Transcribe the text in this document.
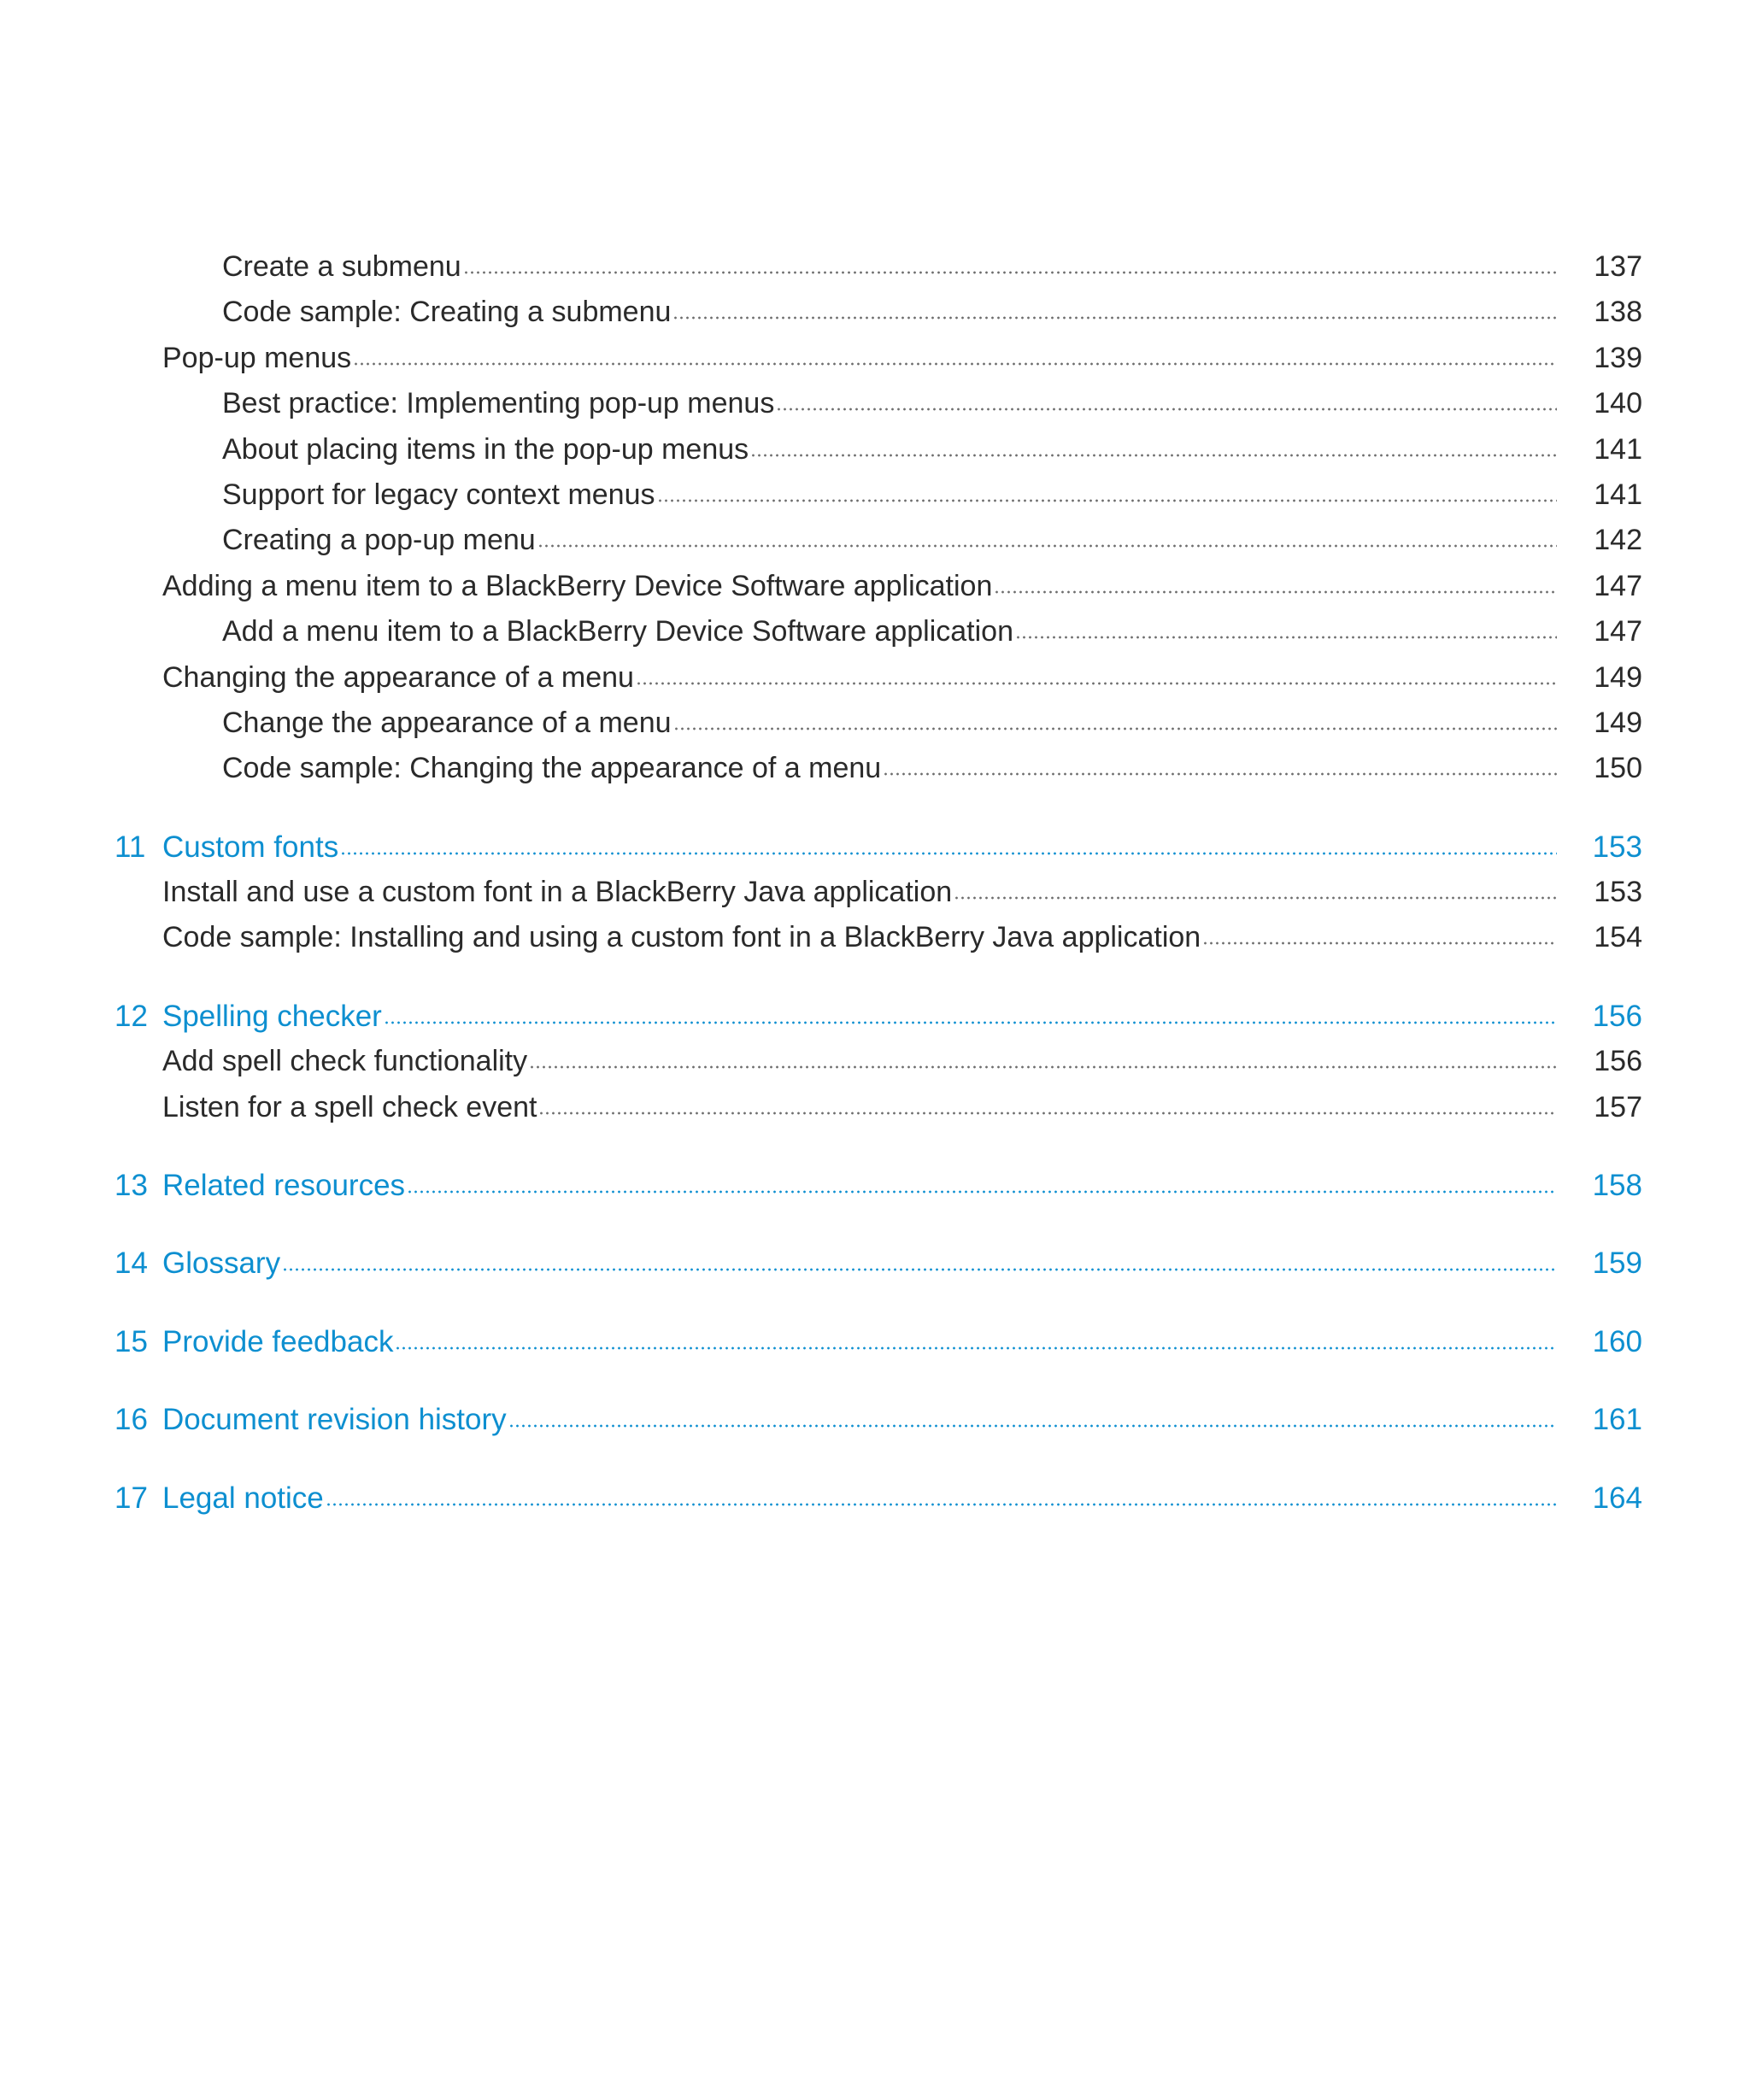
Create a submenu	137
Code sample: Creating a submenu	138
Pop-up menus	139
Best practice: Implementing pop-up menus	140
About placing items in the pop-up menus	141
Support for legacy context menus	141
Creating a pop-up menu	142
Adding a menu item to a BlackBerry Device Software application	147
Add a menu item to a BlackBerry Device Software application	147
Changing the appearance of a menu	149
Change the appearance of a menu	149
Code sample: Changing the appearance of a menu	150
11 Custom fonts	153
Install and use a custom font in a BlackBerry Java application	153
Code sample: Installing and using a custom font in a BlackBerry Java application	154
12 Spelling checker	156
Add spell check functionality	156
Listen for a spell check event	157
13 Related resources	158
14 Glossary	159
15 Provide feedback	160
16 Document revision history	161
17 Legal notice	164
